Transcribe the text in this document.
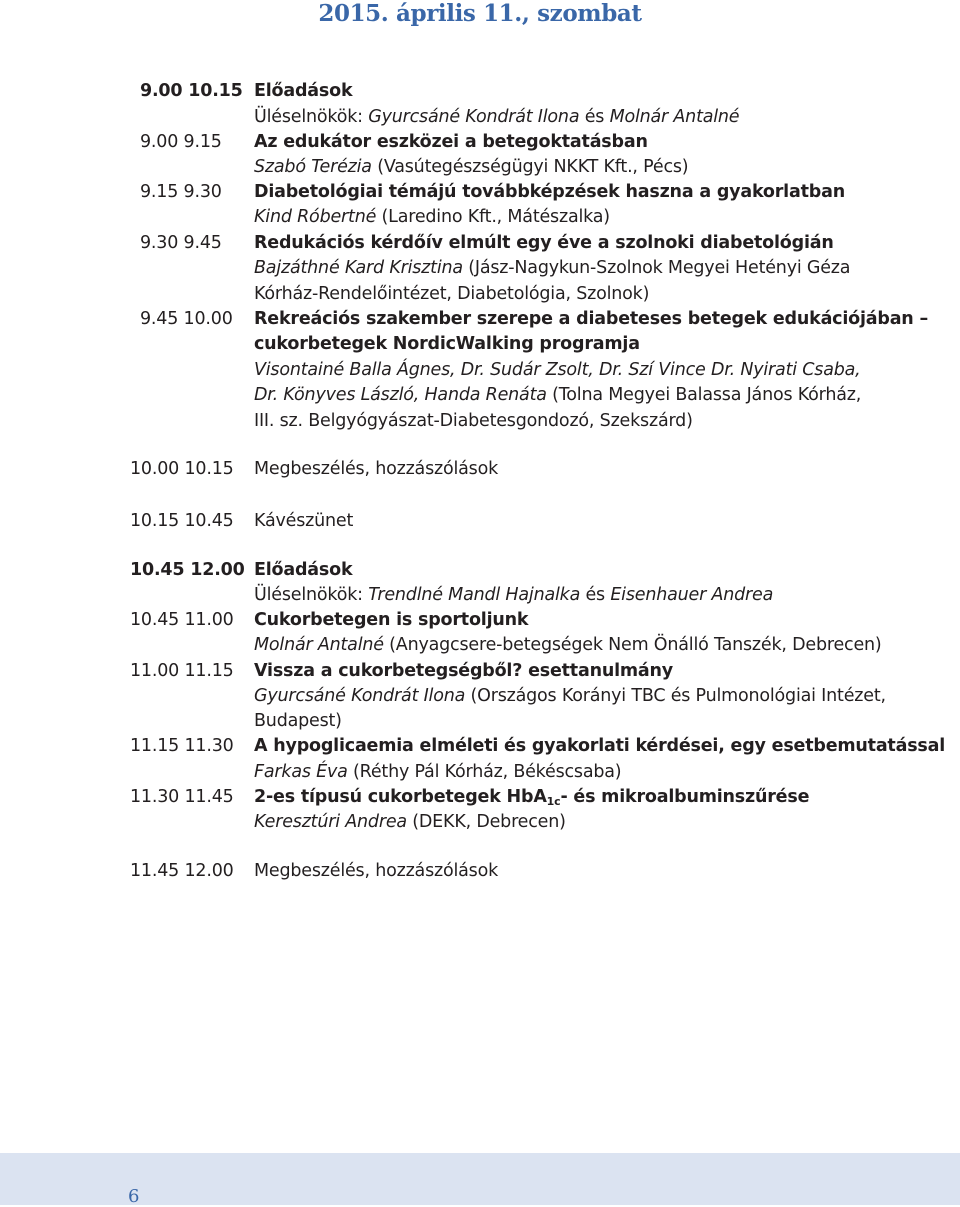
2015. április 11., szombat
9.00 10.15 Előadások
Üléselnökök: Gyurcsáné Kondrát Ilona és Molnár Antalné
9.00 9.15 Az edukátor eszközei a betegoktatásban
Szabó Terézia (Vasútegészségügyi NKKT Kft., Pécs)
9.15 9.30 Diabetológiai témájú továbbképzések haszna a gyakorlatban
Kind Róbertné (Laredino Kft., Mátészalka)
9.30 9.45 Redukációs kérdőív elmúlt egy éve a szolnoki diabetológián
Bajzáthné Kard Krisztina (Jász-Nagykun-Szolnok Megyei Hetényi Géza
Kórház-Rendelőintézet, Diabetológia, Szolnok)
9.45 10.00 Rekreációs szakember szerepe a diabeteses betegek edukációjában –
cukorbetegek NordicWalking programja
Visontainé Balla Ágnes, Dr. Sudár Zsolt, Dr. Szí Vince Dr. Nyirati Csaba,
Dr. Könyves László, Handa Renáta (Tolna Megyei Balassa János Kórház,
III. sz. Belgyógyászat-Diabetesgondozó, Szekszárd)
10.00 10.15 Megbeszélés, hozzászólások
10.15 10.45 Kávészünet
10.45 12.00 Előadások
Üléselnökök: Trendlné Mandl Hajnalka és Eisenhauer Andrea
10.45 11.00 Cukorbetegen is sportoljunk
Molnár Antalné (Anyagcsere-betegségek Nem Önálló Tanszék, Debrecen)
11.00 11.15 Vissza a cukorbetegségből? esettanulmány
Gyurcsáné Kondrát Ilona (Országos Korányi TBC és Pulmonológiai Intézet,
Budapest)
11.15 11.30 A hypoglicaemia elméleti és gyakorlati kérdései, egy esetbemutatással
Farkas Éva (Réthy Pál Kórház, Békéscsaba)
11.30 11.45 2-es típusú cukorbetegek HbA$_{1c}$- és mikroalbuminszűrése
Keresztúri Andrea (DEKK, Debrecen)
11.45 12.00 Megbeszélés, hozzászólások
6
